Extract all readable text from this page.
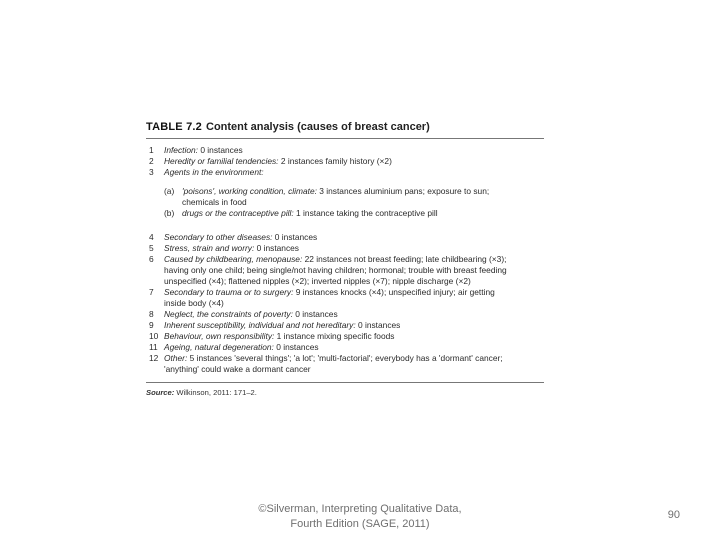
TABLE 7.2 Content analysis (causes of breast cancer)
1	Infection: 0 instances
2	Heredity or familial tendencies: 2 instances family history (×2)
3	Agents in the environment:
(a) 'poisons', working condition, climate: 3 instances aluminium pans; exposure to sun;
chemicals in food
(b) drugs or the contraceptive pill: 1 instance taking the contraceptive pill
4	Secondary to other diseases: 0 instances
5	Stress, strain and worry: 0 instances
6	Caused by childbearing, menopause: 22 instances not breast feeding; late childbearing (×3);
having only one child; being single/not having children; hormonal; trouble with breast feeding
unspecified (×4); flattened nipples (×2); inverted nipples (×7); nipple discharge (×2)
7	Secondary to trauma or to surgery: 9 instances knocks (×4); unspecified injury; air getting
inside body (×4)
8	Neglect, the constraints of poverty: 0 instances
9	Inherent susceptibility, individual and not hereditary: 0 instances
10 Behaviour, own responsibility: 1 instance mixing specific foods
11 Ageing, natural degeneration: 0 instances
12 Other: 5 instances 'several things'; 'a lot'; 'multi-factorial'; everybody has a 'dormant' cancer;
'anything' could wake a dormant cancer
Source: Wilkinson, 2011: 171–2.
©Silverman, Interpreting Qualitative Data,
Fourth Edition (SAGE, 2011)
90
